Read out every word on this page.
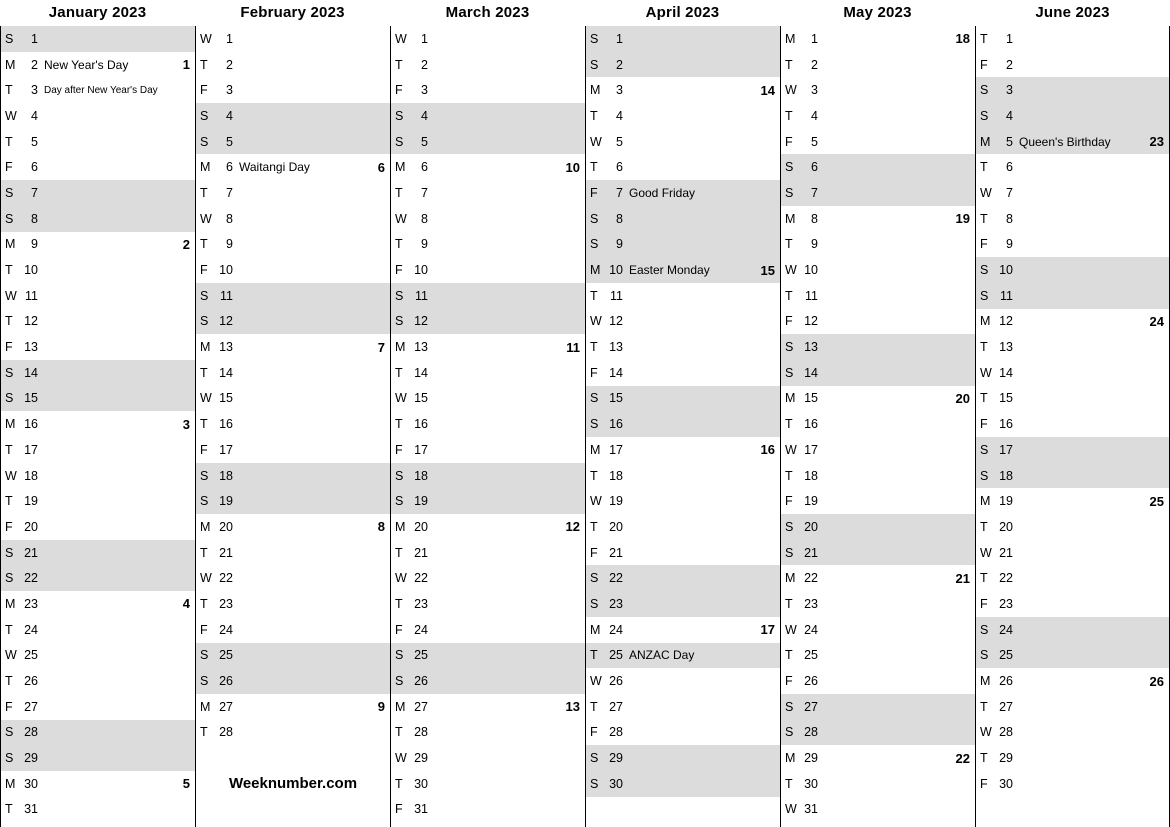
January 2023
S	1
M	2 New Year's Day	1
T	3 Day after New Year's Day
W	4
T	5
F	6
S	7
S	8
M	9	2
T 10
W 11
T 12
F 13
S 14
S 15
M 16	3
T 17
W 18
T 19
F 20
S 21
S 22
M 23	4
T 24
W 25
T 26
F 27
S 28
S 29
M 30	5
T 31
February 2023
W	1
T	2
F	3
S	4
S	5
M	6 Waitangi Day	6
T	7
W	8
T	9
F 10
S 11
S 12
M 13	7
T 14
W 15
T 16
F 17
S 18
S 19
M 20	8
T 21
W 22
T 23
F 24
S 25
S 26
M 27	9
T 28
Weeknumber.com
March 2023
W	1
T	2
F	3
S	4
S	5
M	6	10
T	7
W	8
T	9
F 10
S 11
S 12
M 13	11
T 14
W 15
T 16
F 17
S 18
S 19
M 20	12
T 21
W 22
T 23
F 24
S 25
S 26
M 27	13
T 28
W 29
T 30
F 31
April 2023
S	1
S	2
M	3	14
T	4
W	5
T	6
F	7 Good Friday
S	8
S	9
M 10 Easter Monday	15
T 11
W 12
T 13
F 14
S 15
S 16
M 17	16
T 18
W 19
T 20
F 21
S 22
S 23
M 24	17
T 25 ANZAC Day
W 26
T 27
F 28
S 29
S 30
May 2023
M	1	18
T	2
W	3
T	4
F	5
S	6
S	7
M	8	19
T	9
W 10
T 11
F 12
S 13
S 14
M 15	20
T 16
W 17
T 18
F 19
S 20
S 21
M 22	21
T 23
W 24
T 25
F 26
S 27
S 28
M 29	22
T 30
W 31
June 2023
T	1
F	2
S	3
S	4
M	5 Queen's Birthday	23
T	6
W	7
T	8
F	9
S 10
S 11
M 12	24
T 13
W 14
T 15
F 16
S 17
S 18
M 19	25
T 20
W 21
T 22
F 23
S 24
S 25
M 26	26
T 27
W 28
T 29
F 30
